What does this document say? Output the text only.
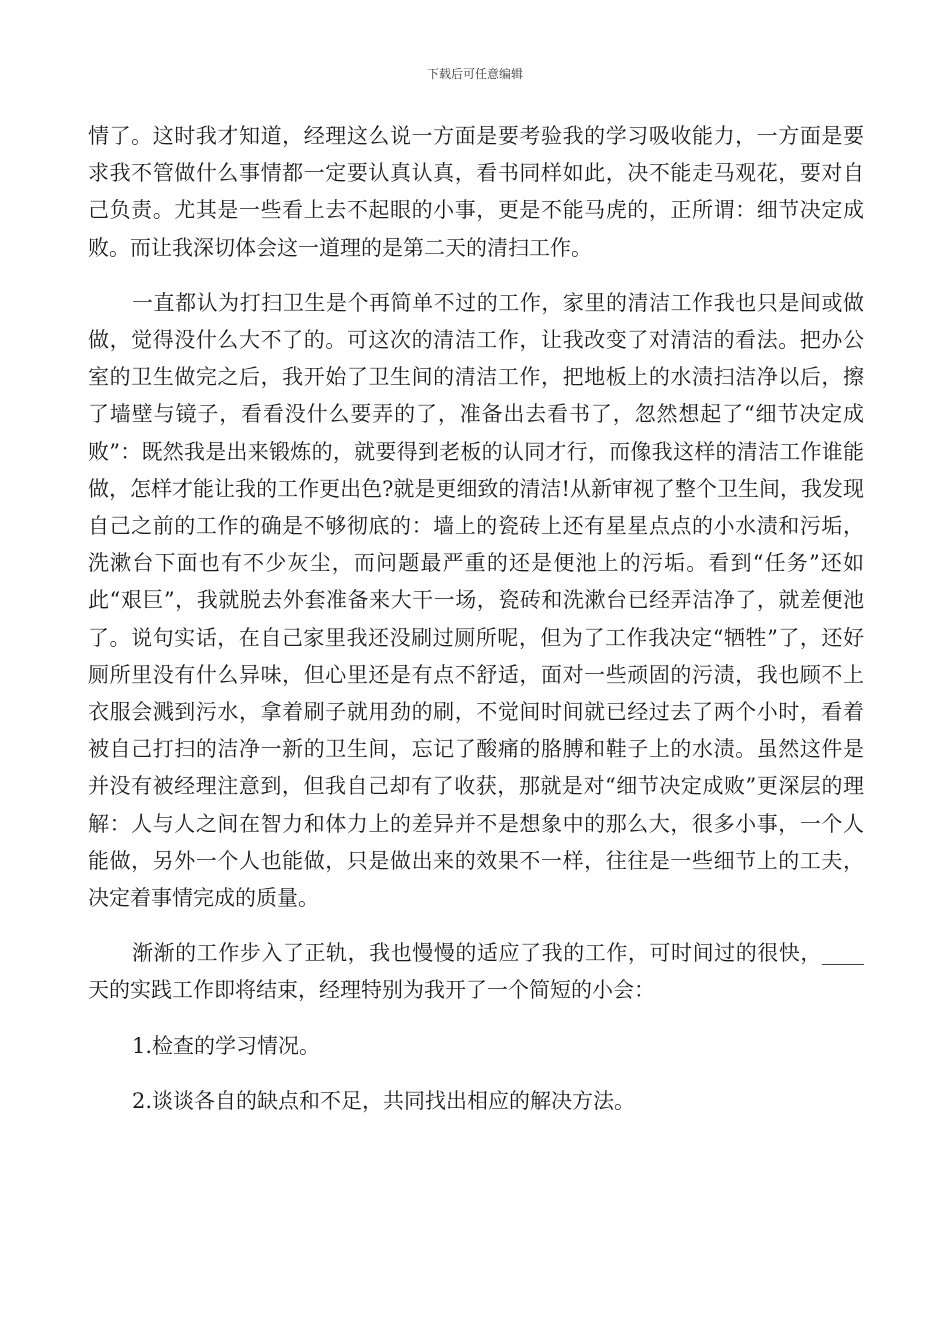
下载后可任意编辑

情了。这时我才知道，经理这么说一方面是要考验我的学习吸收能力，一方面是要求我不管做什么事情都一定要认真认真，看书同样如此，决不能走马观花，要对自己负责。尤其是一些看上去不起眼的小事，更是不能马虎的，正所谓：细节决定成败。而让我深切体会这一道理的是第二天的清扫工作。

一直都认为打扫卫生是个再简单不过的工作，家里的清洁工作我也只是间或做做，觉得没什么大不了的。可这次的清洁工作，让我改变了对清洁的看法。把办公室的卫生做完之后，我开始了卫生间的清洁工作，把地板上的水渍扫洁净以后，擦了墙壁与镜子，看看没什么要弄的了，准备出去看书了，忽然想起了“细节决定成败”：既然我是出来锻炼的，就要得到老板的认同才行，而像我这样的清洁工作谁能做，怎样才能让我的工作更出色?就是更细致的清洁!从新审视了整个卫生间，我发现自己之前的工作的确是不够彻底的：墙上的瓷砖上还有星星点点的小水渍和污垢，洗漱台下面也有不少灰尘，而问题最严重的还是便池上的污垢。看到“任务”还如此“艰巨”，我就脱去外套准备来大干一场，瓷砖和洗漱台已经弄洁净了，就差便池了。说句实话，在自己家里我还没刷过厕所呢，但为了工作我决定“牺牲”了，还好厕所里没有什么异味，但心里还是有点不舒适，面对一些顽固的污渍，我也顾不上衣服会溅到污水，拿着刷子就用劲的刷，不觉间时间就已经过去了两个小时，看着被自己打扫的洁净一新的卫生间，忘记了酸痛的胳膊和鞋子上的水渍。虽然这件是并没有被经理注意到，但我自己却有了收获，那就是对“细节决定成败”更深层的理解：人与人之间在智力和体力上的差异并不是想象中的那么大，很多小事，一个人能做，另外一个人也能做，只是做出来的效果不一样，往往是一些细节上的工夫，决定着事情完成的质量。

渐渐的工作步入了正轨，我也慢慢的适应了我的工作，可时间过的很快，____天的实践工作即将结束，经理特别为我开了一个简短的小会：

1.检查的学习情况。

2.谈谈各自的缺点和不足，共同找出相应的解决方法。
